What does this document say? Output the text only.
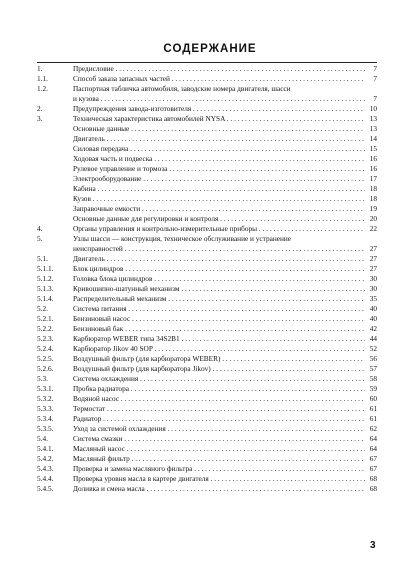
СОДЕРЖАНИЕ
1.	Предисловие . . .	7
1.1.	Способ заказа запасных частей . . .	7
1.2.	Паспортная табличка автомобиля, заводские номера двигателя, шасси
и кузова . . .	7
2.	Предупреждения завода-изготовителя . . .	10
3.	Техническая характеристика автомобилей NYSA . . .	13
Основные данные . . .	13
Двигатель . . .	14
Силовая передача . . .	15
Ходовая часть и подвеска . . .	16
Рулевое управление и тормоза . . .	16
Электрооборудование . . .	17
Кабина . . .	18
Кузов . . .	18
Заправочные емкости . . .	19
Основные данные для регулировки и контроля . . .	20
4.	Органы управления и контрольно-измерительные приборы . . .	22
5.	Узлы шасси — конструкция, техническое обслуживание и устранение
неисправностей . . .	27
5.1.	Двигатель . . .	27
5.1.1.	Блок цилиндров . . .	27
5.1.2.	Головка блока цилиндров . . .	30
5.1.3.	Кривошипно-шатунный механизм . . .	30
5.1.4.	Распределительный механизм . . .	35
5.2.	Система питания . . .	40
5.2.1.	Бензиновый насос . . .	40
5.2.2.	Бензиновый бак . . .	42
5.2.3.	Карбюратор WEBER типа 34S2B1 . . .	44
5.2.4.	Карбюратор Jikov 40 SOP . . .	52
5.2.5.	Воздушный фильтр (для карбюратора WEBER) . . .	56
5.2.6.	Воздушный фильтр (для карбюратора Jikov) . . .	57
5.3.	Система охлаждения . . .	58
5.3.1.	Пробка радиатора . . .	59
5.3.2.	Водяной насос . . .	60
5.3.3.	Термостат . . .	61
5.3.4.	Радиатор . . .	61
5.3.5.	Уход за системой охлаждения . . .	62
5.4.	Система смазки . . .	64
5.4.1.	Масляный насос . . .	64
5.4.2.	Масляный фильтр . . .	67
5.4.3.	Проверка и замена масляного фильтра . . .	67
5.4.4.	Проверка уровня масла в картере двигателя . . .	68
5.4.5.	Доливка и смена масла . . .	68
3
